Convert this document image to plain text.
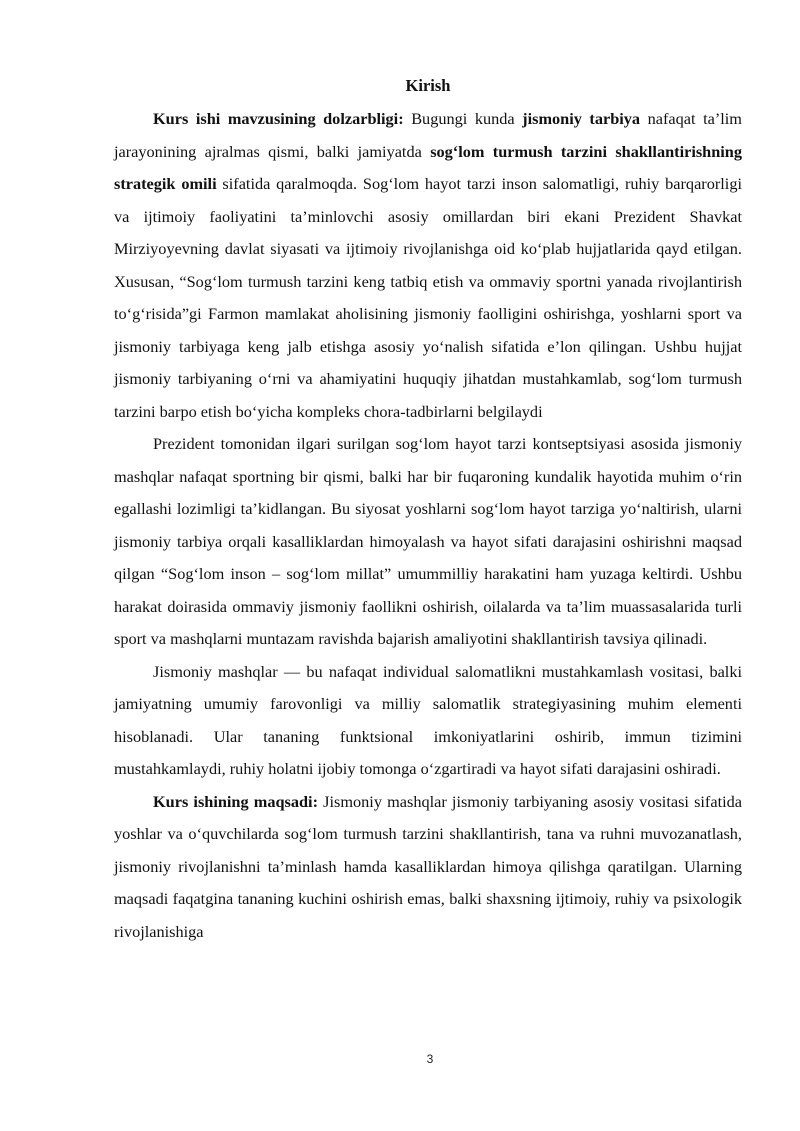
Kirish

Kurs ishi mavzusining dolzarbligi: Bugungi kunda jismoniy tarbiya nafaqat ta’lim jarayonining ajralmas qismi, balki jamiyatda sog‘lom turmush tarzini shakllantirishning strategik omili sifatida qaralmoqda. Sog‘lom hayot tarzi inson salomatligi, ruhiy barqarorligi va ijtimoiy faoliyatini ta’minlovchi asosiy omillardan biri ekani Prezident Shavkat Mirziyoyevning davlat siyasati va ijtimoiy rivojlanishga oid ko‘plab hujjatlarida qayd etilgan. Xususan, “Sog‘lom turmush tarzini keng tatbiq etish va ommaviy sportni yanada rivojlantirish to‘g‘risida”gi Farmon mamlakat aholisining jismoniy faolligini oshirishga, yoshlarni sport va jismoniy tarbiyaga keng jalb etishga asosiy yo‘nalish sifatida e’lon qilingan. Ushbu hujjat jismoniy tarbiyaning o‘rni va ahamiyatini huquqiy jihatdan mustahkamlab, sog‘lom turmush tarzini barpo etish bo‘yicha kompleks chora-tadbirlarni belgilaydi

Prezident tomonidan ilgari surilgan sog‘lom hayot tarzi kontseptsiyasi asosida jismoniy mashqlar nafaqat sportning bir qismi, balki har bir fuqaroning kundalik hayotida muhim o‘rin egallashi lozimligi ta’kidlangan. Bu siyosat yoshlarni sog‘lom hayot tarziga yo‘naltirish, ularni jismoniy tarbiya orqali kasalliklardan himoyalash va hayot sifati darajasini oshirishni maqsad qilgan “Sog‘lom inson – sog‘lom millat” umummilliy harakatini ham yuzaga keltirdi. Ushbu harakat doirasida ommaviy jismoniy faollikni oshirish, oilalarda va ta’lim muassasalarida turli sport va mashqlarni muntazam ravishda bajarish amaliyotini shakllantirish tavsiya qilinadi.

Jismoniy mashqlar — bu nafaqat individual salomatlikni mustahkamlash vositasi, balki jamiyatning umumiy farovonligi va milliy salomatlik strategiyasining muhim elementi hisoblanadi. Ular tananing funktsional imkoniyatlarini oshirib, immun tizimini mustahkamlaydi, ruhiy holatni ijobiy tomonga o‘zgartiradi va hayot sifati darajasini oshiradi.

Kurs ishining maqsadi: Jismoniy mashqlar jismoniy tarbiyaning asosiy vositasi sifatida yoshlar va o‘quvchilarda sog‘lom turmush tarzini shakllantirish, tana va ruhni muvozanatlash, jismoniy rivojlanishni ta’minlash hamda kasalliklardan himoya qilishga qaratilgan. Ularning maqsadi faqatgina tananing kuchini oshirish emas, balki shaxsning ijtimoiy, ruhiy va psixologik rivojlanishiga

3
